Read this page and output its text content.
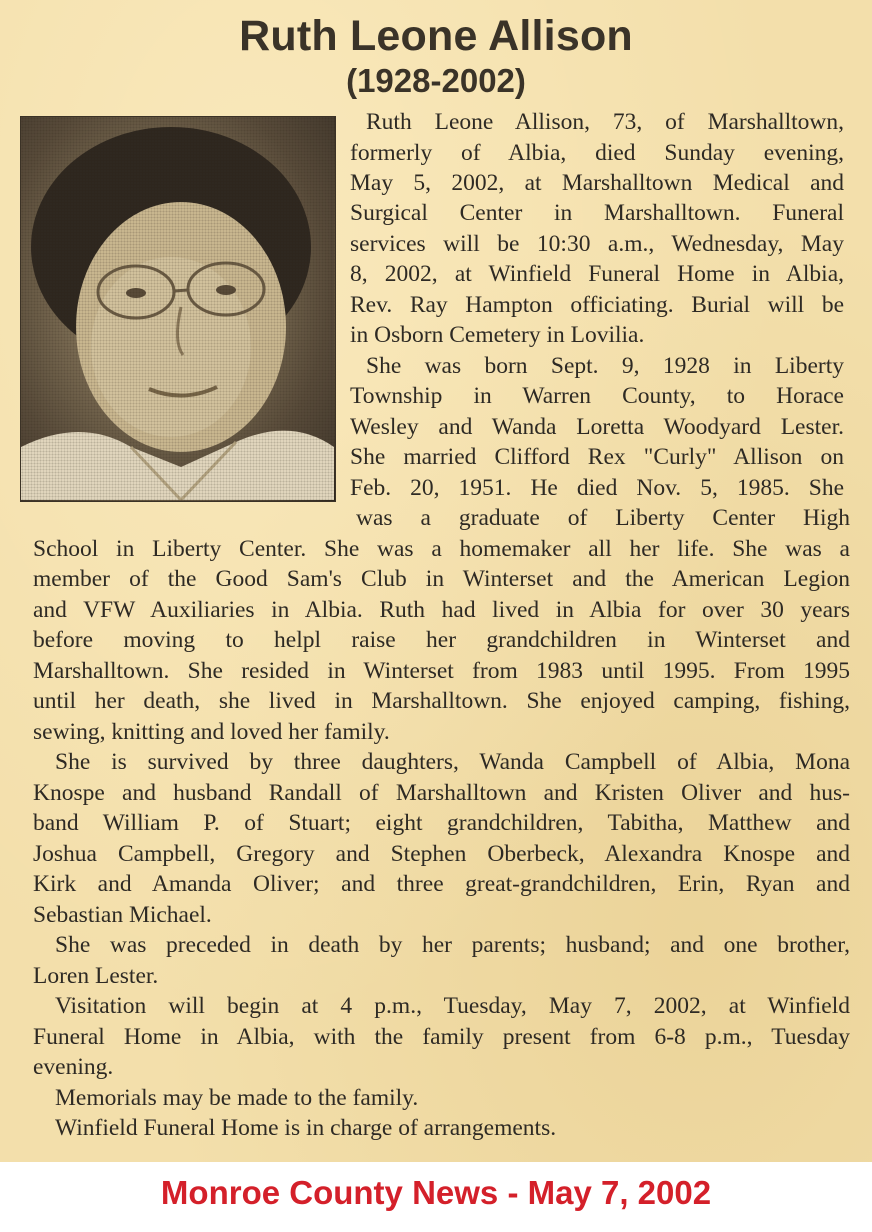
Ruth Leone Allison
(1928-2002)
Ruth Leone Allison, 73, of Marshalltown,
formerly of Albia, died Sunday evening,
May 5, 2002, at Marshalltown Medical and
Surgical Center in Marshalltown. Funeral
services will be 10:30 a.m., Wednesday, May
8, 2002, at Winfield Funeral Home in Albia,
Rev. Ray Hampton officiating. Burial will be
in Osborn Cemetery in Lovilia.
She was born Sept. 9, 1928 in Liberty
Township in Warren County, to Horace
Wesley and Wanda Loretta Woodyard Lester.
She married Clifford Rex "Curly" Allison on
Feb. 20, 1951. He died Nov. 5, 1985. She
was a graduate of Liberty Center High
School in Liberty Center. She was a homemaker all her life. She was a
member of the Good Sam's Club in Winterset and the American Legion
and VFW Auxiliaries in Albia. Ruth had lived in Albia for over 30 years
before moving to helpl raise her grandchildren in Winterset and
Marshalltown. She resided in Winterset from 1983 until 1995. From 1995
until her death, she lived in Marshalltown. She enjoyed camping, fishing,
sewing, knitting and loved her family.
She is survived by three daughters, Wanda Campbell of Albia, Mona
Knospe and husband Randall of Marshalltown and Kristen Oliver and hus-
band William P. of Stuart; eight grandchildren, Tabitha, Matthew and
Joshua Campbell, Gregory and Stephen Oberbeck, Alexandra Knospe and
Kirk and Amanda Oliver; and three great-grandchildren, Erin, Ryan and
Sebastian Michael.
She was preceded in death by her parents; husband; and one brother,
Loren Lester.
Visitation will begin at 4 p.m., Tuesday, May 7, 2002, at Winfield
Funeral Home in Albia, with the family present from 6-8 p.m., Tuesday
evening.
Memorials may be made to the family.
Winfield Funeral Home is in charge of arrangements.
Monroe County News - May 7, 2002
